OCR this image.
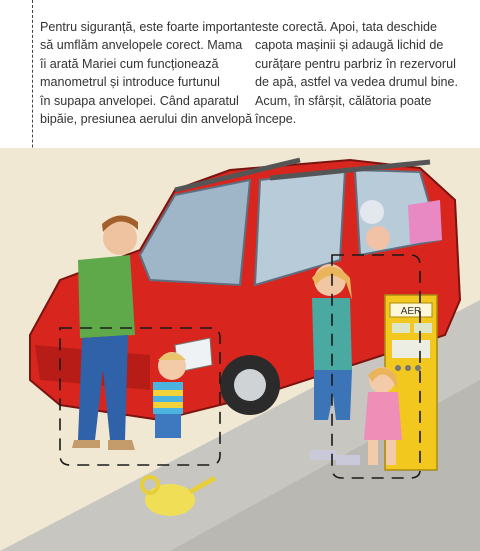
Pentru siguranță, este foarte important
să umflăm anvelopele corect. Mama
îi arată Mariei cum funcționează
manometrul și introduce furtunul
în supapa anvelopei. Când aparatul
bipăie, presiunea aerului din anvelopă
este corectă. Apoi, tata deschide
capota mașinii și adaugă lichid de
curățare pentru parbriz în rezervorul
de apă, astfel va vedea drumul bine.
Acum, în sfârșit, călătoria poate
începe.
AER
